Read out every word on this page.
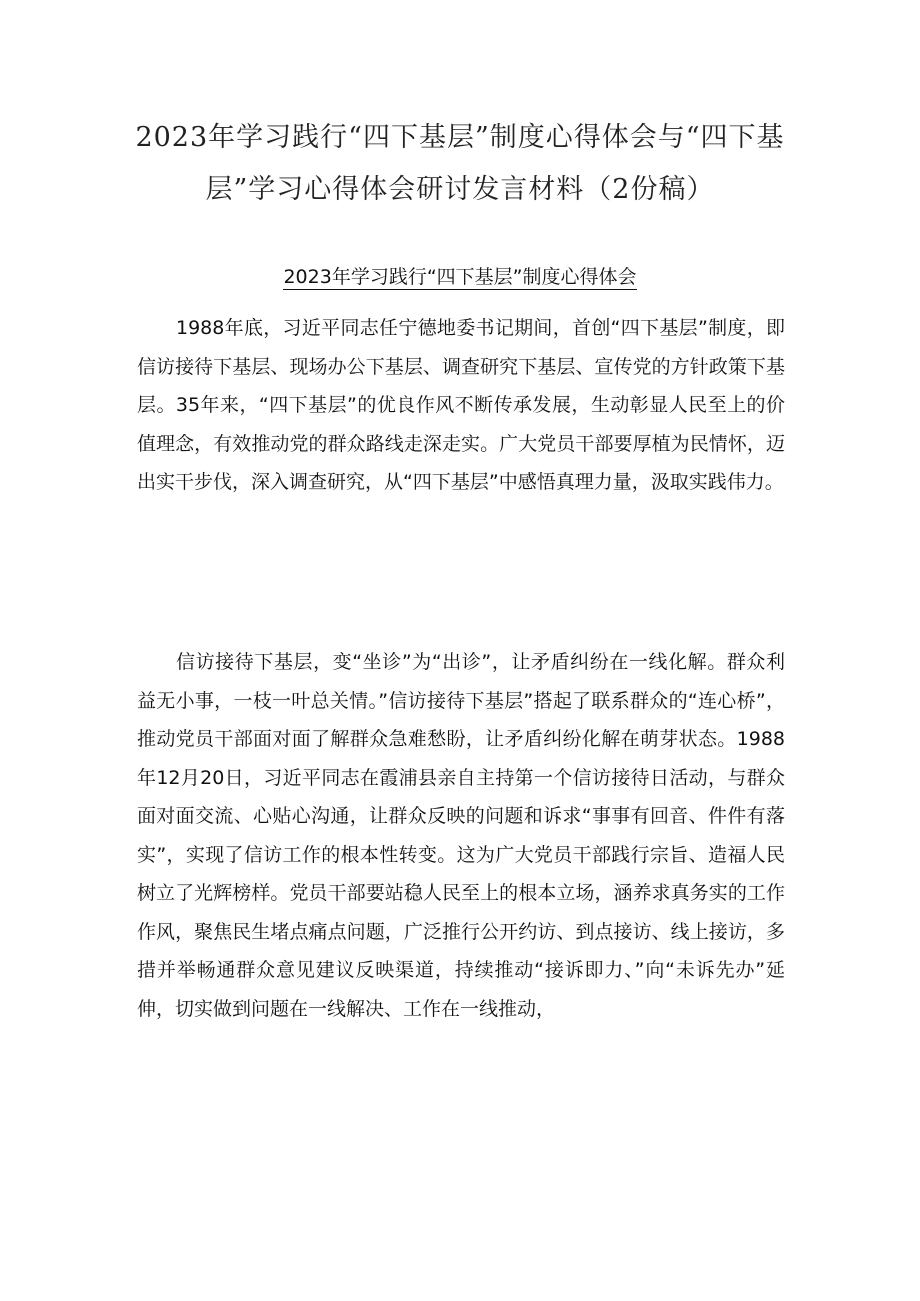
2023年学习践行“四下基层”制度心得体会与“四下基层”学习心得体会研讨发言材料（2份稿）
2023年学习践行“四下基层”制度心得体会

1988年底，习近平同志任宁德地委书记期间，首创“四下基层”制度，即信访接待下基层、现场办公下基层、调查研究下基层、宣传党的方针政策下基层。35年来，“四下基层”的优良作风不断传承发展，生动彰显人民至上的价值理念，有效推动党的群众路线走深走实。广大党员干部要厚植为民情怀，迈出实干步伐，深入调查研究，从“四下基层”中感悟真理力量，汲取实践伟力。

信访接待下基层，变“坐诊”为“出诊”，让矛盾纠纷在一线化解。群众利益无小事，一枝一叶总关情。”信访接待下基层”搭起了联系群众的“连心桥”，推动党员干部面对面了解群众急难愁盼，让矛盾纠纷化解在萌芽状态。1988年12月20日，习近平同志在霞浦县亲自主持第一个信访接待日活动，与群众面对面交流、心贴心沟通，让群众反映的问题和诉求“事事有回音、件件有落实”，实现了信访工作的根本性转变。这为广大党员干部践行宗旨、造福人民树立了光辉榜样。党员干部要站稳人民至上的根本立场，涵养求真务实的工作作风，聚焦民生堵点痛点问题，广泛推行公开约访、到点接访、线上接访，多措并举畅通群众意见建议反映渠道，持续推动“接诉即力、”向“未诉先办”延伸，切实做到问题在一线解决、工作在一线推动，
